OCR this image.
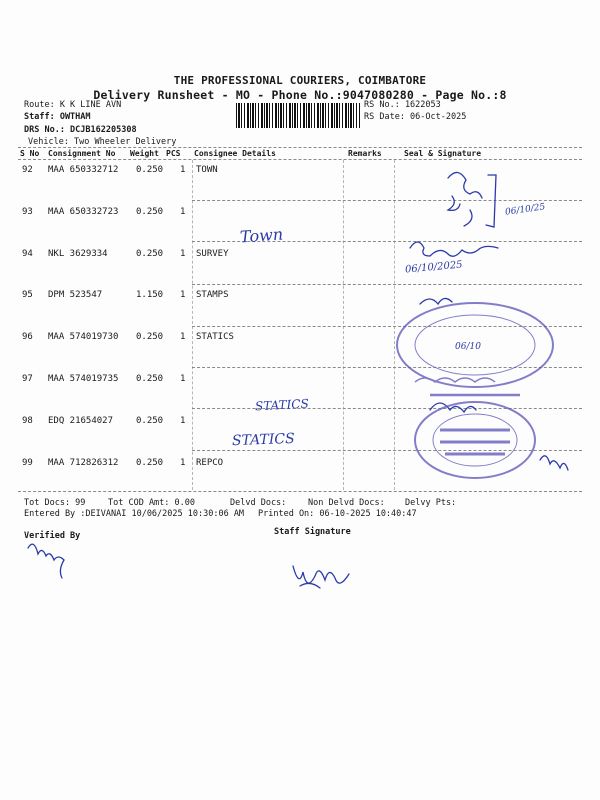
THE PROFESSIONAL COURIERS, COIMBATORE
Delivery Runsheet - MO - Phone No.:9047080280 - Page No.:8
Route: K K LINE AVN
Staff: OWTHAM
DRS No.: DCJB162205308
Vehicle: Two Wheeler Delivery
RS No.: 1622053
RS Date: 06-Oct-2025
S No Consignment No Weight PCS Consignee Details	Remarks	Seal & Signature
92 MAA 650332712 0.250 1 TOWN
93 MAA 650332723 0.250 1
94 NKL 3629334	0.250 1 SURVEY
95 DPM 523547	1.150 1 STAMPS
96 MAA 574019730 0.250 1 STATICS
97 MAA 574019735 0.250 1
98 EDQ 21654027	0.250 1
99 MAA 712826312 0.250 1 REPCO
Town
STATICS
STATICS
06/10/25
06/10/2025
06/10
Tot Docs: 99	Tot COD Amt: 0.00	Delvd Docs:	Non Delvd Docs: Delvy Pts:
Entered By :DEIVANAI 10/06/2025 10:30:06 AM Printed On: 06-10-2025 10:40:47
Verified By	Staff Signature
